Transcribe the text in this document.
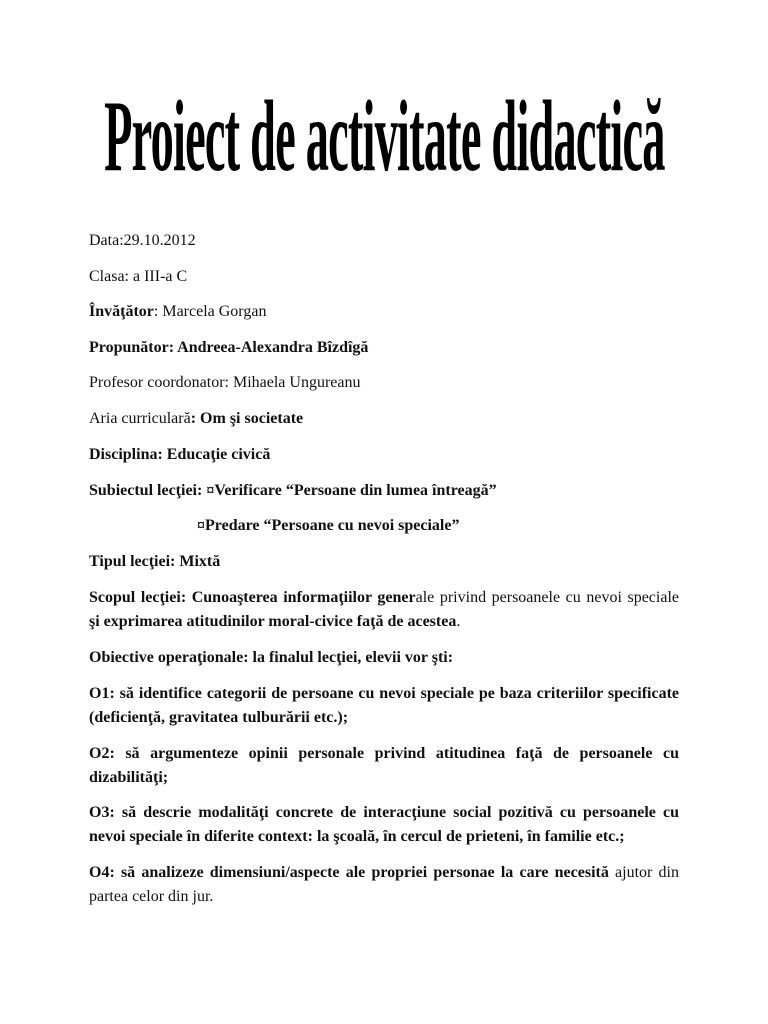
Proiect de activitate didactică
Data:29.10.2012
Clasa: a III-a C
Învăţător: Marcela Gorgan
Propunător: Andreea-Alexandra Bîzdîgă
Profesor coordonator: Mihaela Ungureanu
Aria curriculară: Om şi societate
Disciplina: Educaţie civică
Subiectul lecţiei: ¤Verificare “Persoane din lumea întreagă”
¤Predare “Persoane cu nevoi speciale”
Tipul lecţiei: Mixtă
Scopul lecţiei: Cunoaşterea informaţiilor generale privind persoanele cu nevoi speciale şi exprimarea atitudinilor moral-civice faţă de acestea.
Obiective operaţionale: la finalul lecţiei, elevii vor şti:
O1: să identifice categorii de persoane cu nevoi speciale pe baza criteriilor specificate (deficienţă, gravitatea tulburării etc.);
O2: să argumenteze opinii personale privind atitudinea faţă de persoanele cu dizabilităţi;
O3: să descrie modalităţi concrete de interacţiune social pozitivă cu persoanele cu nevoi speciale în diferite context: la şcoală, în cercul de prieteni, în familie etc.;
O4: să analizeze dimensiuni/aspecte ale propriei personae la care necesită ajutor din partea celor din jur.
